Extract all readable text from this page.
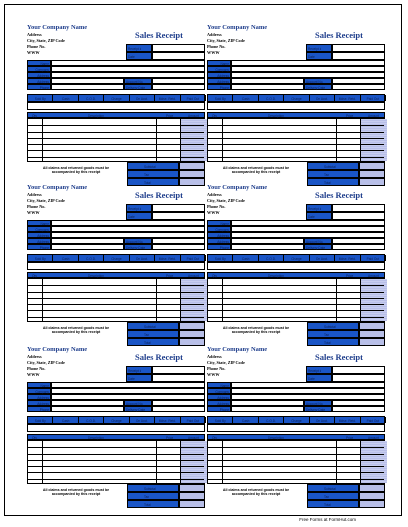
Your Company Name
Address
City, State, ZIP Code
Phone No.
WWW
Sales Receipt
Receipt #
Date
Name
Company
Address
Address
Phone
Account No.
Delivery Date
Sold By	Cash	C.O.D.	Charge	On Acct.	Mdse. Retd.	Paid Out
Qty	Description	Price	Amount
All claims and returned goods must be accompanied by this receipt
Subtotal
Tax
Total
Your Company Name
Address
City, State, ZIP Code
Phone No.
WWW
Sales Receipt
Receipt #
Date
Name
Company
Address
Address
Phone
Account No.
Delivery Date
Sold By	Cash	C.O.D.	Charge	On Acct.	Mdse. Retd.	Paid Out
Qty	Description	Price	Amount
All claims and returned goods must be accompanied by this receipt
Subtotal
Tax
Total
Your Company Name
Address
City, State, ZIP Code
Phone No.
WWW
Sales Receipt
Receipt #
Date
Name
Company
Address
Address
Phone
Account No.
Delivery Date
Sold By	Cash	C.O.D.	Charge	On Acct.	Mdse. Retd.	Paid Out
Qty	Description	Price	Amount
All claims and returned goods must be accompanied by this receipt
Subtotal
Tax
Total
Your Company Name
Address
City, State, ZIP Code
Phone No.
WWW
Sales Receipt
Receipt #
Date
Name
Company
Address
Address
Phone
Account No.
Delivery Date
Sold By	Cash	C.O.D.	Charge	On Acct.	Mdse. Retd.	Paid Out
Qty	Description	Price	Amount
All claims and returned goods must be accompanied by this receipt
Subtotal
Tax
Total
Your Company Name
Address
City, State, ZIP Code
Phone No.
WWW
Sales Receipt
Receipt #
Date
Name
Company
Address
Address
Phone
Account No.
Delivery Date
Sold By	Cash	C.O.D.	Charge	On Acct.	Mdse. Retd.	Paid Out
Qty	Description	Price	Amount
All claims and returned goods must be accompanied by this receipt
Subtotal
Tax
Total
Your Company Name
Address
City, State, ZIP Code
Phone No.
WWW
Sales Receipt
Receipt #
Date
Name
Company
Address
Address
Phone
Account No.
Delivery Date
Sold By	Cash	C.O.D.	Charge	On Acct.	Mdse. Retd.	Paid Out
Qty	Description	Price	Amount
All claims and returned goods must be accompanied by this receipt
Subtotal
Tax
Total
Free Forms at FormHut.com
